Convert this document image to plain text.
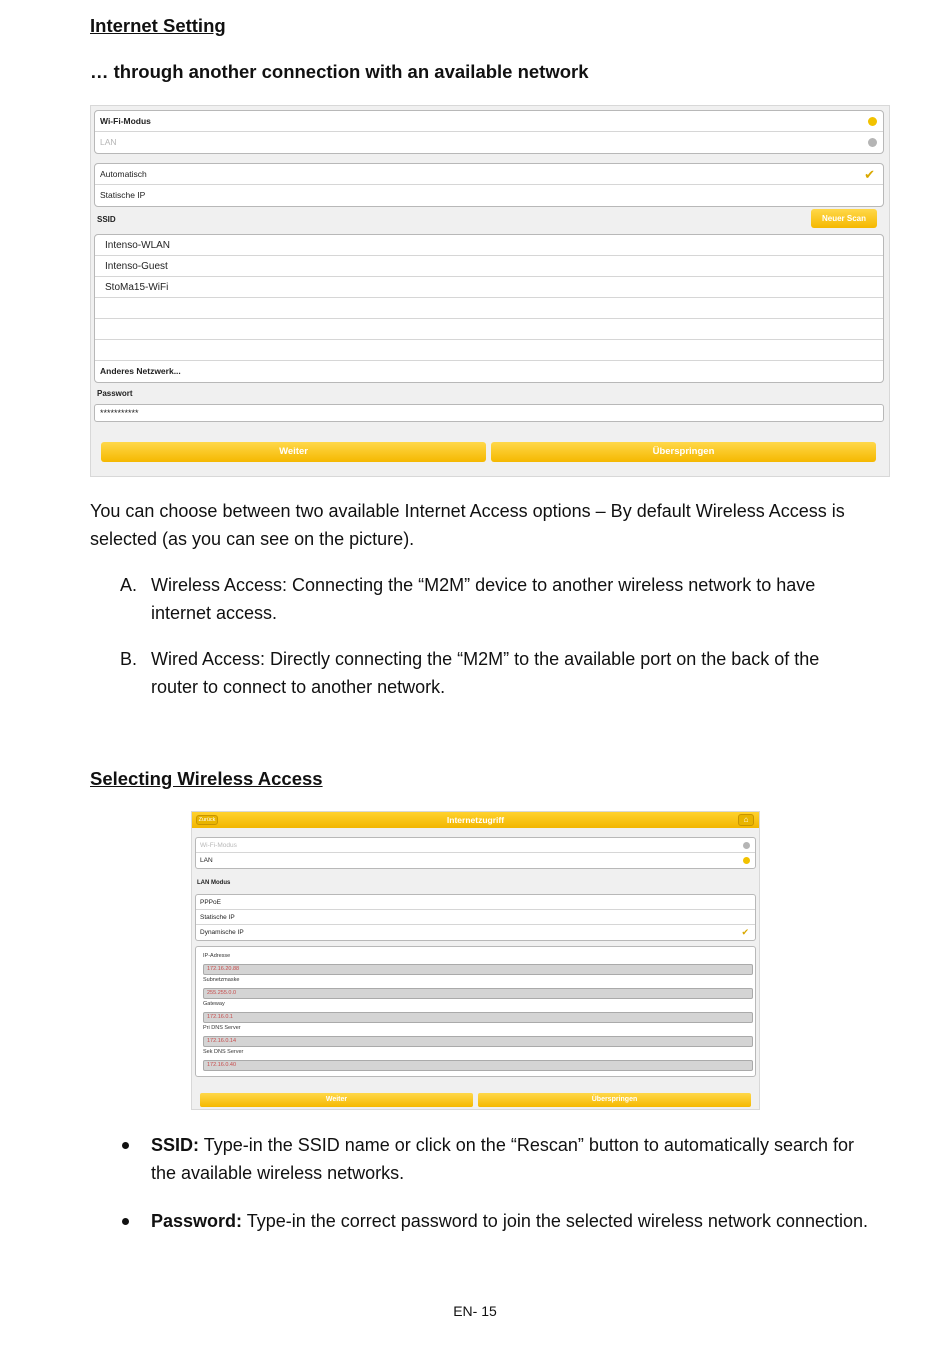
Internet Setting
… through another connection with an available network
Wi-Fi-Modus
LAN
Automatisch	✔
Statische IP
SSID	Neuer Scan
Intenso-WLAN
Intenso-Guest
StoMa15-WiFi
Anderes Netzwerk...
Passwort
***********
Weiter	Überspringen
You can choose between two available Internet Access options – By default Wireless Access is selected (as you can see on the picture).
A. Wireless Access: Connecting the “M2M” device to another wireless network to have internet access.
B. Wired Access: Directly connecting the “M2M” to the available port on the back of the router to connect to another network.
Selecting Wireless Access
Internetzugriff
Zurück	⌂
Wi-Fi-Modus
LAN
LAN Modus
PPPoE
Statische IP
Dynamische IP	✔
IP-Adresse
172.16.20.88
Subnetzmaske
255.255.0.0
Gateway
172.16.0.1
Pri DNS Server
172.16.0.14
Sek DNS Server
172.16.0.40
Weiter	Überspringen
SSID: Type-in the SSID name or click on the “Rescan” button to automatically search for the available wireless networks.
Password: Type-in the correct password to join the selected wireless network connection.
EN- 15
